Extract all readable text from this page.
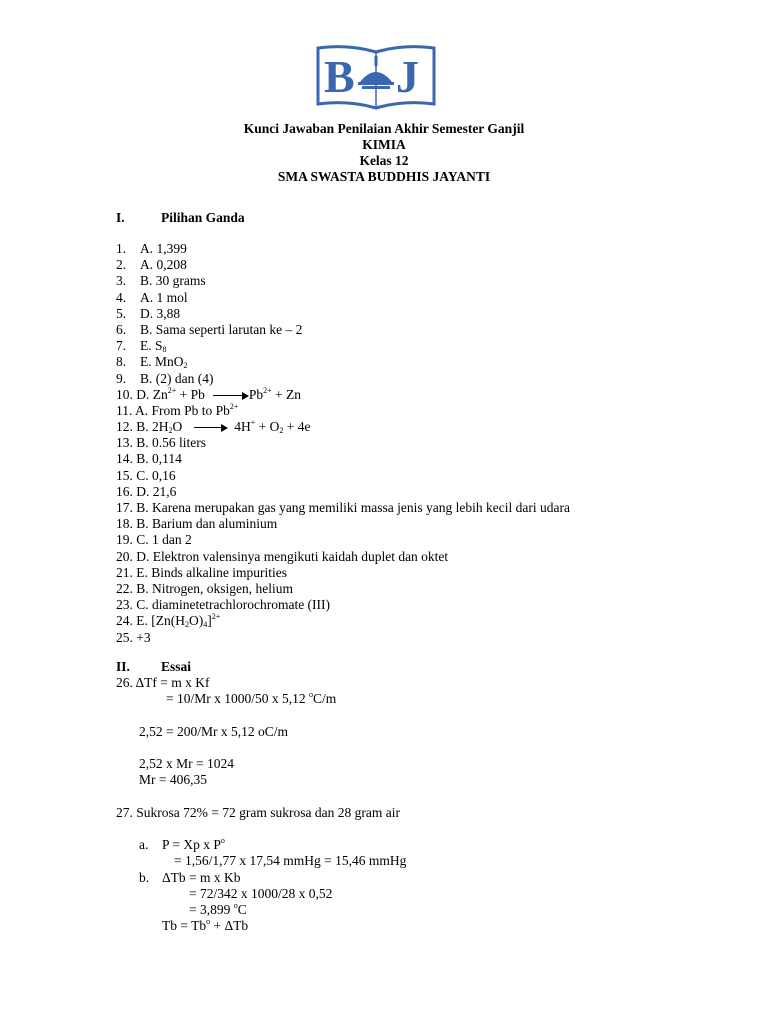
B J
Kunci Jawaban Penilaian Akhir Semester Ganjil
KIMIA
Kelas 12
SMA SWASTA BUDDHIS JAYANTI
I.	Pilihan Ganda
1. A. 1,399
2. A. 0,208
3. B. 30 grams
4. A. 1 mol
5. D. 3,88
6. B. Sama seperti larutan ke – 2
7. E. $S_8$
8. E. MnO$_2$
9. B. (2) dan (4)
10. D. $Zn^{2+} + Pb$	$Pb^{2+} + Zn$
11. A. From Pb to $Pb^{2+}$
12. B. $2H_2O$	$4H^+ + O_2 + 4e$
13. B. 0.56 liters
14. B. 0,114
15. C. 0,16
16. D. 21,6
17. B. Karena merupakan gas yang memiliki massa jenis yang lebih kecil dari udara
18. B. Barium dan aluminium
19. C. 1 dan 2
20. D. Elektron valensinya mengikuti kaidah duplet dan oktet
21. E. Binds alkaline impurities
22. B. Nitrogen, oksigen, helium
23. C. diaminetetrachlorochromate (III)
24. E. $[Zn(H_2O)_4]^{2+}$
25. +3
II. Essai
26. ΔTf = m x Kf
= 10/Mr x 1000/50 x 5,12 $^o$C/m
2,52 = 200/Mr x 5,12 oC/m
2,52 x Mr = 1024
Mr = 406,35
27. Sukrosa 72% = 72 gram sukrosa dan 28 gram air
a. P = Xp x $P^o$
= 1,56/1,77 x 17,54 mmHg = 15,46 mmHg
b. ΔTb = m x Kb
= 72/342 x 1000/28 x 0,52
= 3,899 $^o$C
$Tb = Tb^o + \Delta Tb$
